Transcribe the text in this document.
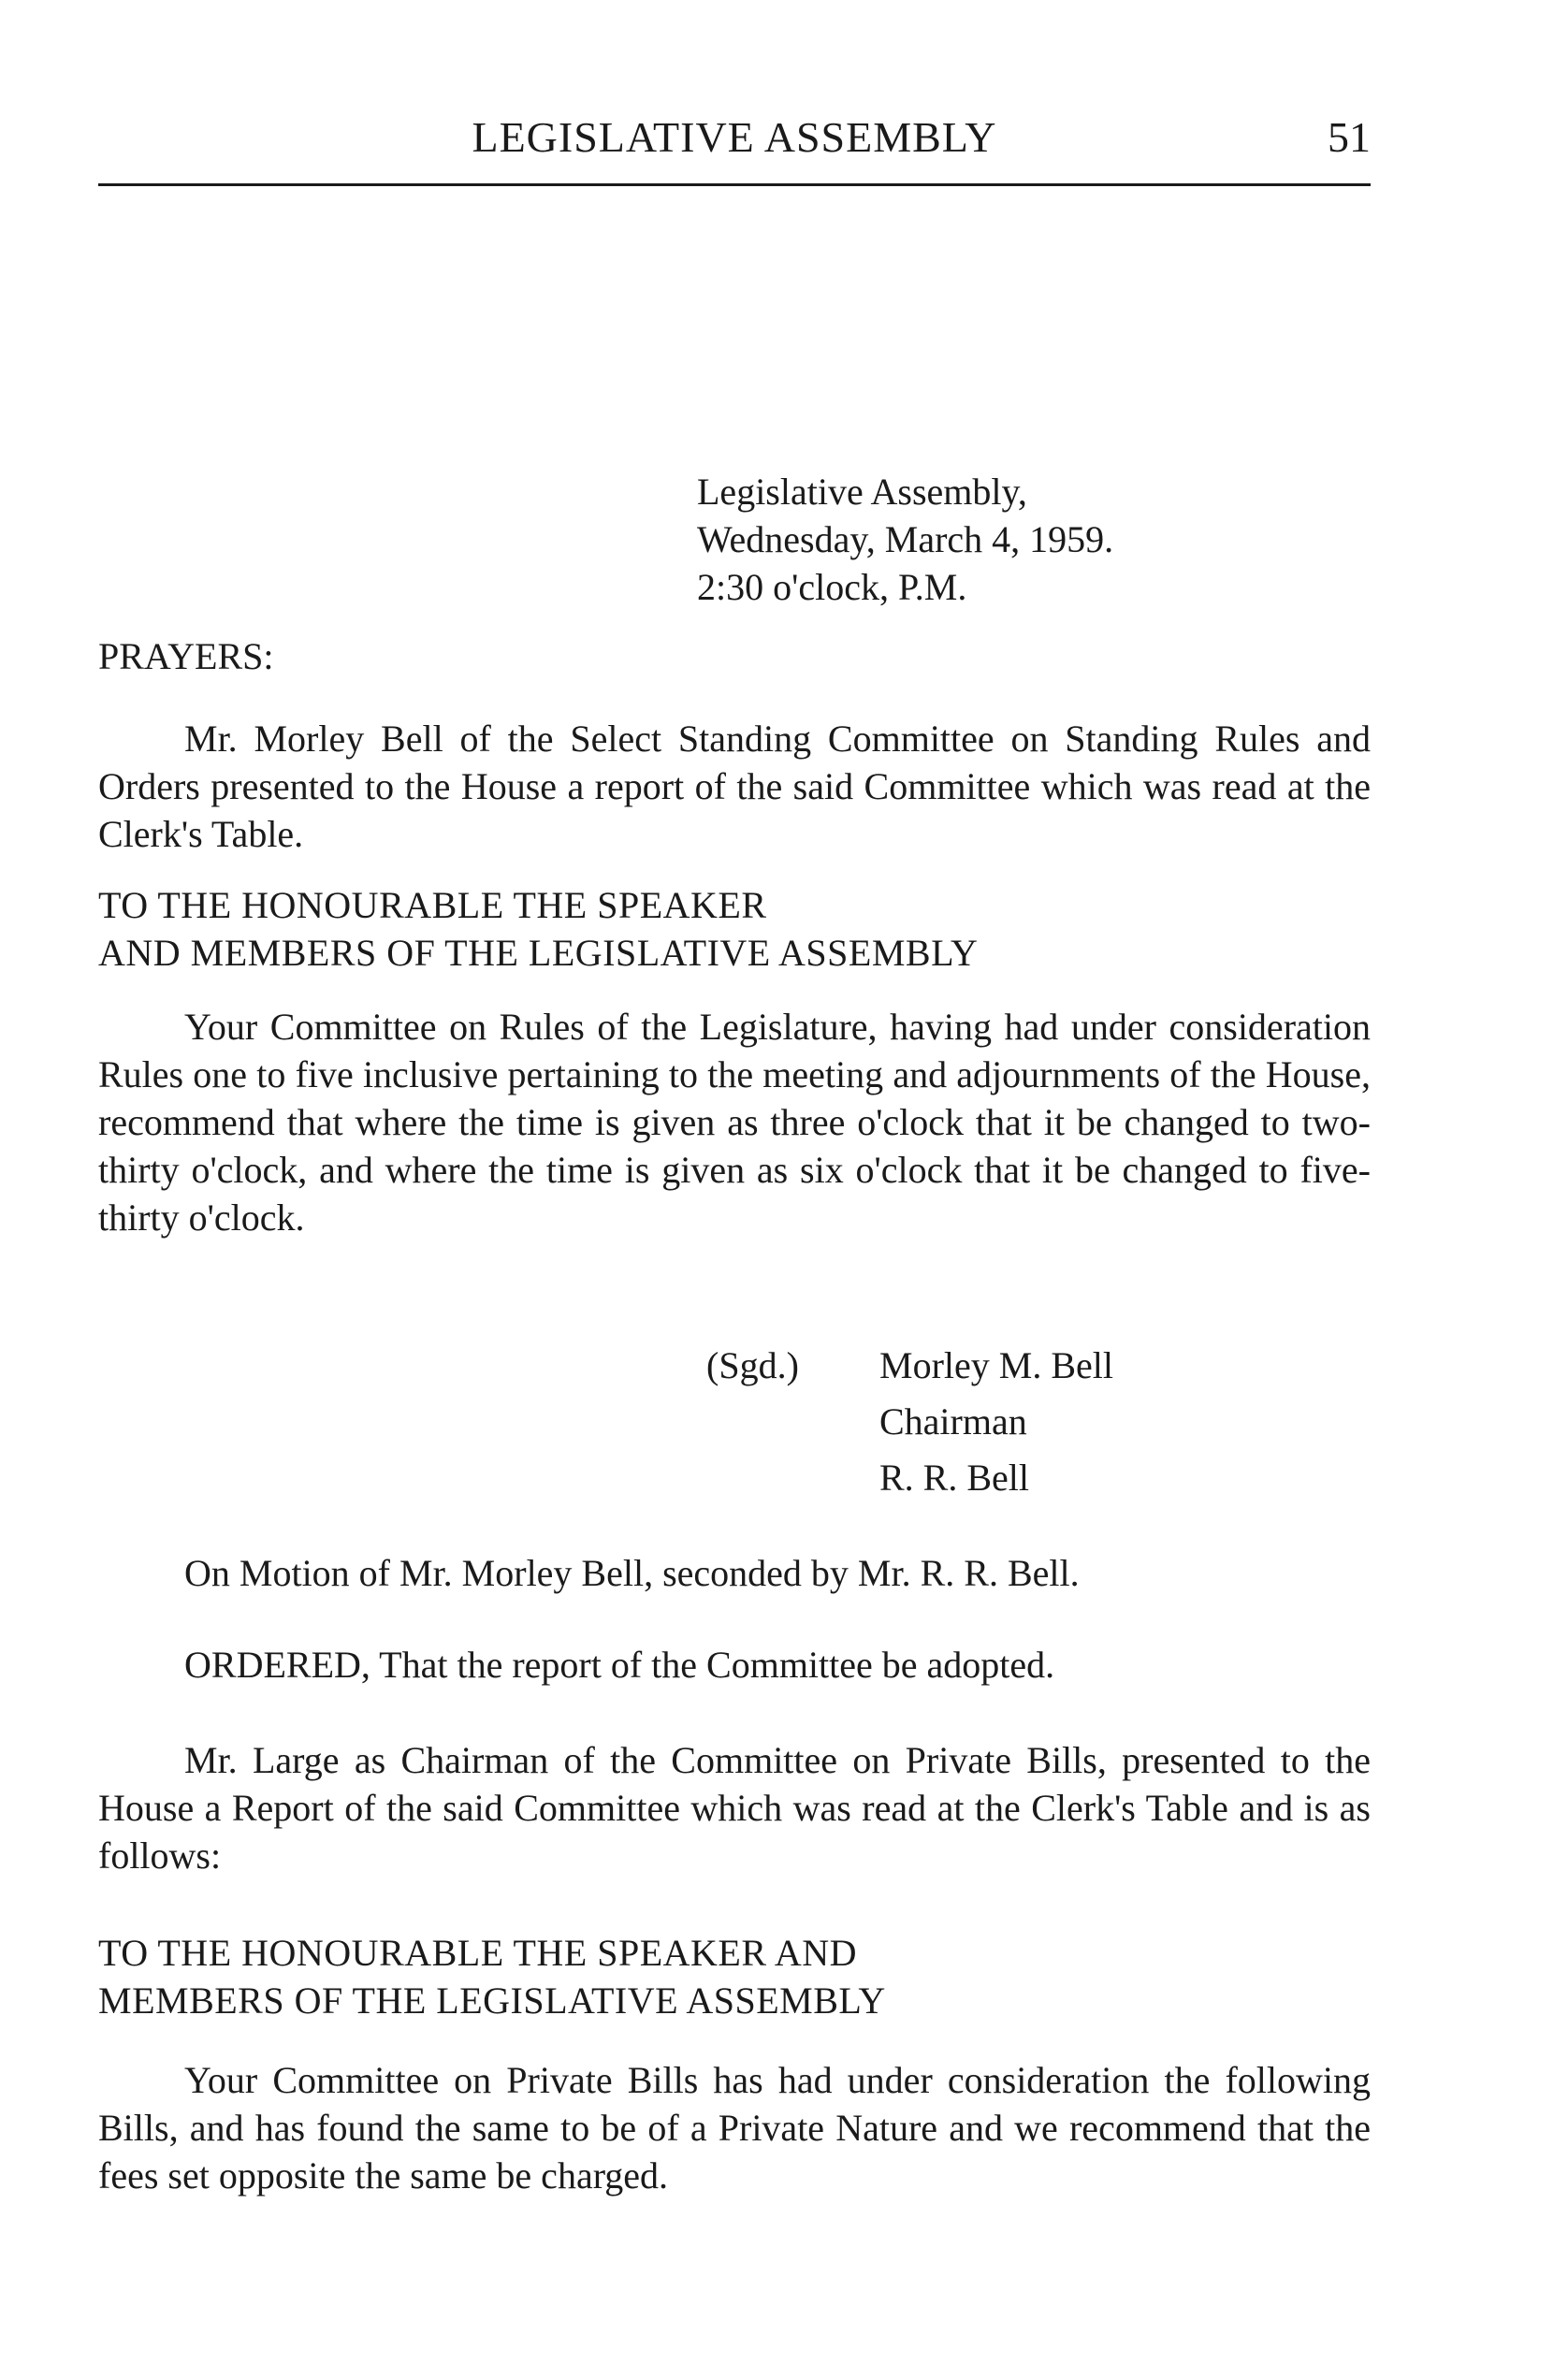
LEGISLATIVE ASSEMBLY	51
Legislative Assembly,
Wednesday, March 4, 1959.
2:30 o'clock, P.M.
PRAYERS:
Mr. Morley Bell of the Select Standing Committee on Standing Rules and Orders presented to the House a report of the said Committee which was read at the Clerk's Table.
TO THE HONOURABLE THE SPEAKER
AND MEMBERS OF THE LEGISLATIVE ASSEMBLY
Your Committee on Rules of the Legislature, having had under consideration Rules one to five inclusive pertaining to the meeting and adjournments of the House, recommend that where the time is given as three o'clock that it be changed to two-thirty o'clock, and where the time is given as six o'clock that it be changed to five-thirty o'clock.
(Sgd.) Morley M. Bell
Chairman
R. R. Bell
On Motion of Mr. Morley Bell, seconded by Mr. R. R. Bell.
ORDERED, That the report of the Committee be adopted.
Mr. Large as Chairman of the Committee on Private Bills, presented to the House a Report of the said Committee which was read at the Clerk's Table and is as follows:
TO THE HONOURABLE THE SPEAKER AND
MEMBERS OF THE LEGISLATIVE ASSEMBLY
Your Committee on Private Bills has had under consideration the following Bills, and has found the same to be of a Private Nature and we recommend that the fees set opposite the same be charged.
